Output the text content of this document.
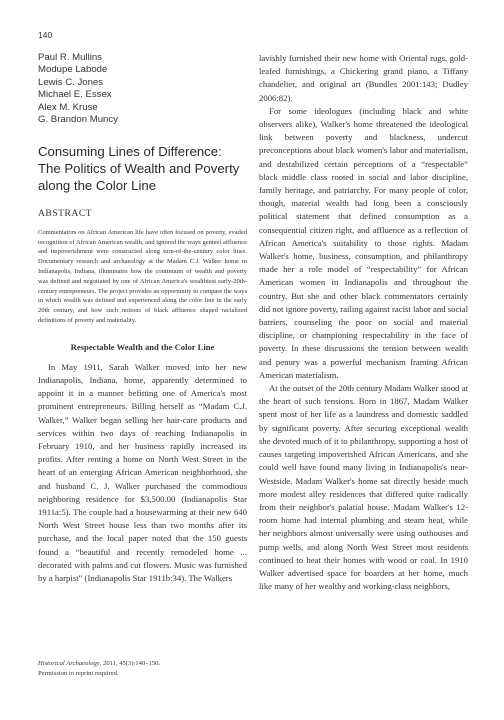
140
Paul R. Mullins
Modupe Labode
Lewis C. Jones
Michael E. Essex
Alex M. Kruse
G. Brandon Muncy
Consuming Lines of Difference: The Politics of Wealth and Poverty along the Color Line
ABSTRACT
Commentators on African American life have often focused on poverty, evaded recognition of African American wealth, and ignored the ways genteel affluence and impoverishment were constructed along turn-of-the-century color lines. Documentary research and archaeology at the Madam C.J. Walker home in Indianapolis, Indiana, illuminates how the continuum of wealth and poverty was defined and negotiated by one of African America's wealthiest early-20th-century entrepreneurs. The project provides an opportunity to compare the ways in which wealth was defined and experienced along the color line in the early 20th century, and how such notions of black affluence shaped racialized definitions of poverty and materiality.
Respectable Wealth and the Color Line

In May 1911, Sarah Walker moved into her new Indianapolis, Indiana, home, apparently determined to appoint it in a manner befitting one of America's most prominent entrepreneurs. Billing herself as “Madam C.J. Walker,” Walker began selling her hair-care products and services within two days of reaching Indianapolis in February 1910, and her business rapidly increased its profits. After renting a home on North West Street in the heart of an emerging African American neighborhood, she and husband C. J. Walker purchased the commodious neighboring residence for $3,500.00 (Indianapolis Star 1911a:5). The couple had a housewarming at their new 640 North West Street house less than two months after its purchase, and the local paper noted that the 150 guests found a “beautiful and recently remodeled home ... decorated with palms and cut flowers. Music was furnished by a harpist” (Indianapolis Star 1911b:34). The Walkers

lavishly furnished their new home with Oriental rugs, gold-leafed furnishings, a Chickering grand piano, a Tiffany chandelier, and original art (Bundles 2001:143; Dudley 2006:82).

For some ideologues (including black and white observers alike), Walker's home threatened the ideological link between poverty and blackness, undercut preconceptions about black women's labor and materialism, and destabilized certain perceptions of a “respectable” black middle class rooted in social and labor discipline, family heritage, and patriarchy. For many people of color, though, material wealth had long been a consciously political statement that defined consumption as a consequential citizen right, and affluence as a reflection of African America's suitability to those rights. Madam Walker's home, business, consumption, and philanthropy made her a role model of “respectability” for African American women in Indianapolis and throughout the country. But she and other black commentators certainly did not ignore poverty, railing against racist labor and social barriers, counseling the poor on social and material discipline, or championing respectability in the face of poverty. In these discussions the tension between wealth and penury was a powerful mechanism framing African American materialism.

At the outset of the 20th century Madam Walker stood at the heart of such tensions. Born in 1867, Madam Walker spent most of her life as a laundress and domestic saddled by significant poverty. After securing exceptional wealth she devoted much of it to philanthropy, supporting a host of causes targeting impoverished African Americans, and she could well have found many living in Indianapolis's near-Westside. Madam Walker's home sat directly beside much more modest alley residences that differed quite radically from their neighbor's palatial house. Madam Walker's 12-room home had internal plumbing and steam heat, while her neighbors almost universally were using outhouses and pump wells, and along North West Street most residents continued to heat their homes with wood or coal. In 1910 Walker advertised space for boarders at her home, much like many of her wealthy and working-class neighbors,

Historical Archaeology, 2011, 45(3):140–150.
Permission to reprint required.
